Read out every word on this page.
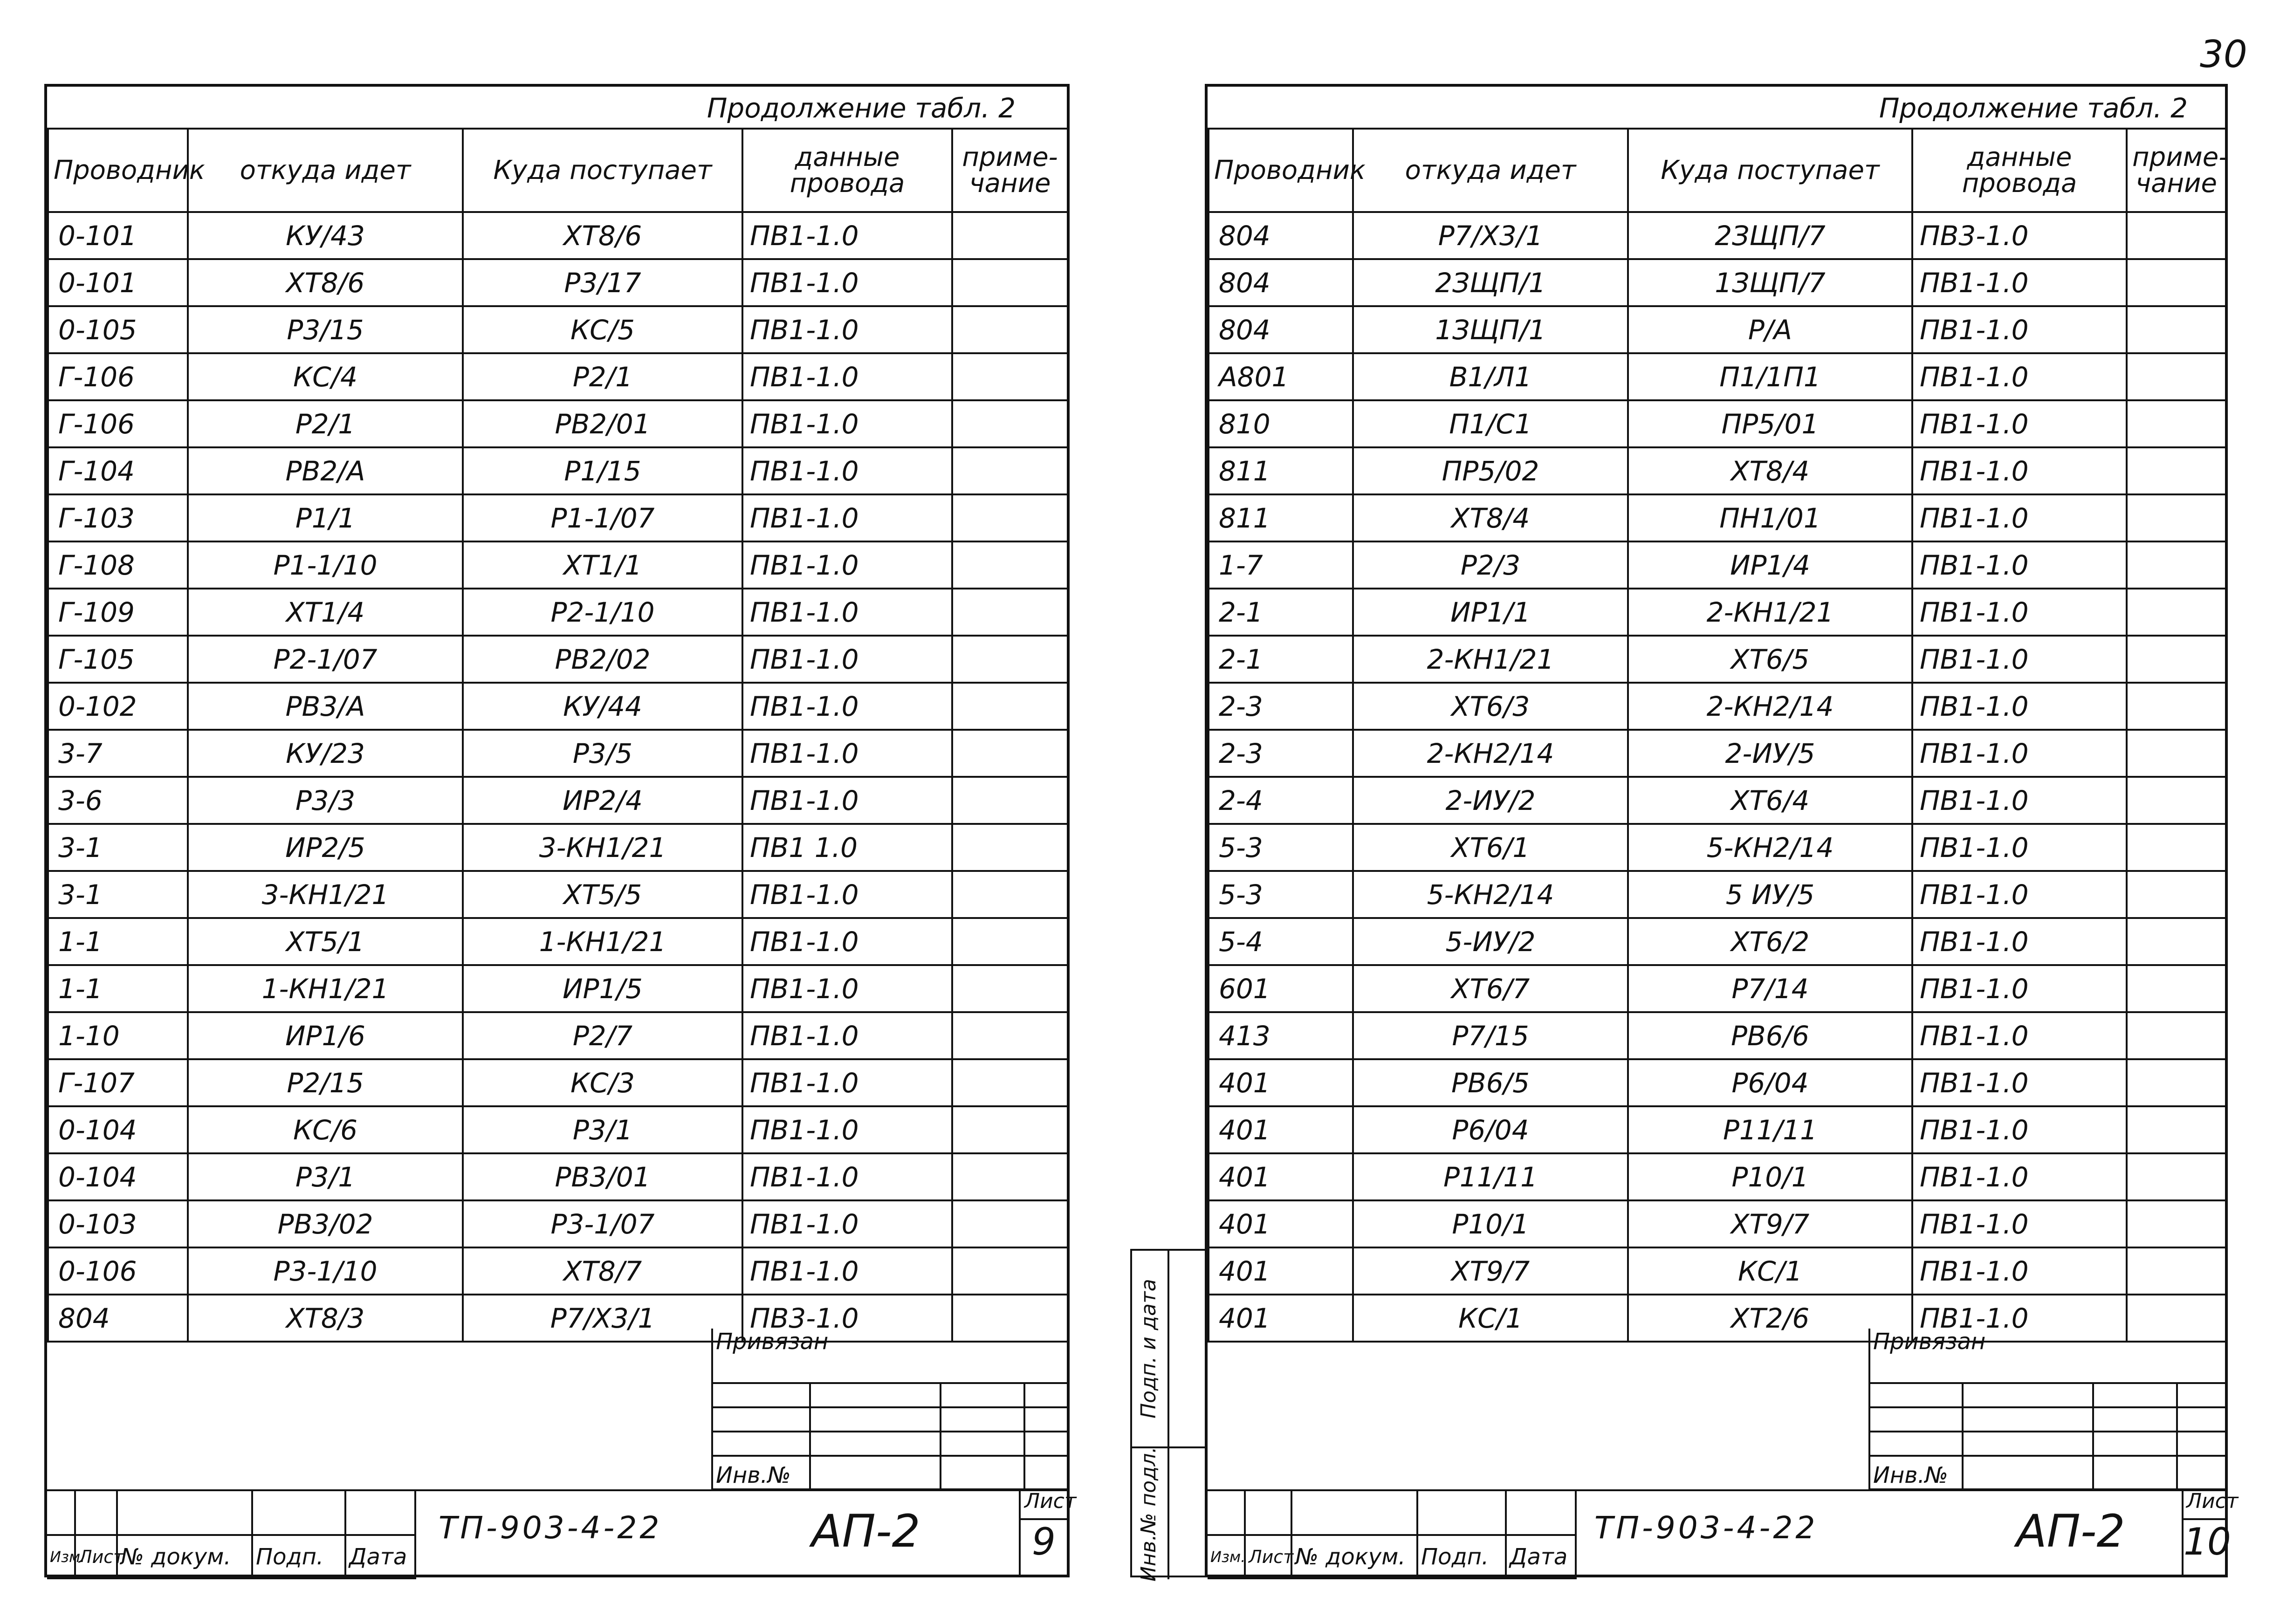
30
Продолжение табл. 2
Проводник	откуда идет	Куда поступает	данные провода	приме-чание
0-101	КУ/43	ХТ8/6	ПВ1-1.0	
0-101	ХТ8/6	Р3/17	ПВ1-1.0	
0-105	Р3/15	КС/5	ПВ1-1.0	
Г-106	КС/4	Р2/1	ПВ1-1.0	
Г-106	Р2/1	РВ2/01	ПВ1-1.0	
Г-104	РВ2/А	Р1/15	ПВ1-1.0	
Г-103	Р1/1	Р1-1/07	ПВ1-1.0	
Г-108	Р1-1/10	ХТ1/1	ПВ1-1.0	
Г-109	ХТ1/4	Р2-1/10	ПВ1-1.0	
Г-105	Р2-1/07	РВ2/02	ПВ1-1.0	
0-102	РВ3/А	КУ/44	ПВ1-1.0	
3-7	КУ/23	Р3/5	ПВ1-1.0	
3-6	Р3/3	ИР2/4	ПВ1-1.0	
3-1	ИР2/5	3-КН1/21	ПВ1 1.0	
3-1	3-КН1/21	ХТ5/5	ПВ1-1.0	
1-1	ХТ5/1	1-КН1/21	ПВ1-1.0	
1-1	1-КН1/21	ИР1/5	ПВ1-1.0	
1-10	ИР1/6	Р2/7	ПВ1-1.0	
Г-107	Р2/15	КС/3	ПВ1-1.0	
0-104	КС/6	Р3/1	ПВ1-1.0	
0-104	Р3/1	РВ3/01	ПВ1-1.0	
0-103	РВ3/02	Р3-1/07	ПВ1-1.0	
0-106	Р3-1/10	ХТ8/7	ПВ1-1.0	
804	ХТ8/3	Р7/Х3/1	ПВ3-1.0	
Привязан			

Инв.№			

Изм.	Лист	№ докум.	Подп.	Дата
ТП-903-4-22	АП-2
Лист
9
Подп. и дата
Инв.№ подл.
Продолжение табл. 2
Проводник	откуда идет	Куда поступает	данные провода	приме-чание
804	Р7/Х3/1	2ЗЩП/7	ПВ3-1.0	
804	2ЗЩП/1	1ЗЩП/7	ПВ1-1.0	
804	1ЗЩП/1	Р/А	ПВ1-1.0	
А801	В1/Л1	П1/1П1	ПВ1-1.0	
810	П1/С1	ПР5/01	ПВ1-1.0	
811	ПР5/02	ХТ8/4	ПВ1-1.0	
811	ХТ8/4	ПН1/01	ПВ1-1.0	
1-7	Р2/3	ИР1/4	ПВ1-1.0	
2-1	ИР1/1	2-КН1/21	ПВ1-1.0	
2-1	2-КН1/21	ХТ6/5	ПВ1-1.0	
2-3	ХТ6/3	2-КН2/14	ПВ1-1.0	
2-3	2-КН2/14	2-ИУ/5	ПВ1-1.0	
2-4	2-ИУ/2	ХТ6/4	ПВ1-1.0	
5-3	ХТ6/1	5-КН2/14	ПВ1-1.0	
5-3	5-КН2/14	5 ИУ/5	ПВ1-1.0	
5-4	5-ИУ/2	ХТ6/2	ПВ1-1.0	
601	ХТ6/7	Р7/14	ПВ1-1.0	
413	Р7/15	РВ6/6	ПВ1-1.0	
401	РВ6/5	Р6/04	ПВ1-1.0	
401	Р6/04	Р11/11	ПВ1-1.0	
401	Р11/11	Р10/1	ПВ1-1.0	
401	Р10/1	ХТ9/7	ПВ1-1.0	
401	ХТ9/7	КС/1	ПВ1-1.0	
401	КС/1	ХТ2/6	ПВ1-1.0	
Привязан			

Инв.№			

Изм.	Лист	№ докум.	Подп.	Дата
ТП-903-4-22	АП-2
Лист
10
